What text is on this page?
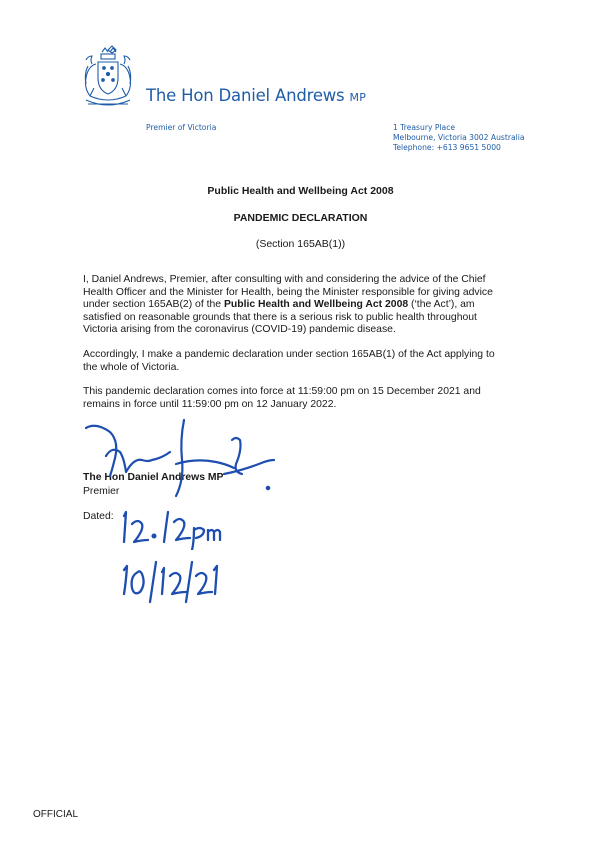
The Hon Daniel Andrews MP
Premier of Victoria	1 Treasury Place
Melbourne, Victoria 3002 Australia
Telephone: +613 9651 5000
Public Health and Wellbeing Act 2008
PANDEMIC DECLARATION
(Section 165AB(1))

I, Daniel Andrews, Premier, after consulting with and considering the advice of the Chief
Health Officer and the Minister for Health, being the Minister responsible for giving advice
under section 165AB(2) of the Public Health and Wellbeing Act 2008 (‘the Act’), am
satisfied on reasonable grounds that there is a serious risk to public health throughout
Victoria arising from the coronavirus (COVID-19) pandemic disease.

Accordingly, I make a pandemic declaration under section 165AB(1) of the Act applying to
the whole of Victoria.

This pandemic declaration comes into force at 11:59:00 pm on 15 December 2021 and
remains in force until 11:59:00 pm on 12 January 2022.

The Hon Daniel Andrews MP
Premier
Dated:
OFFICIAL
